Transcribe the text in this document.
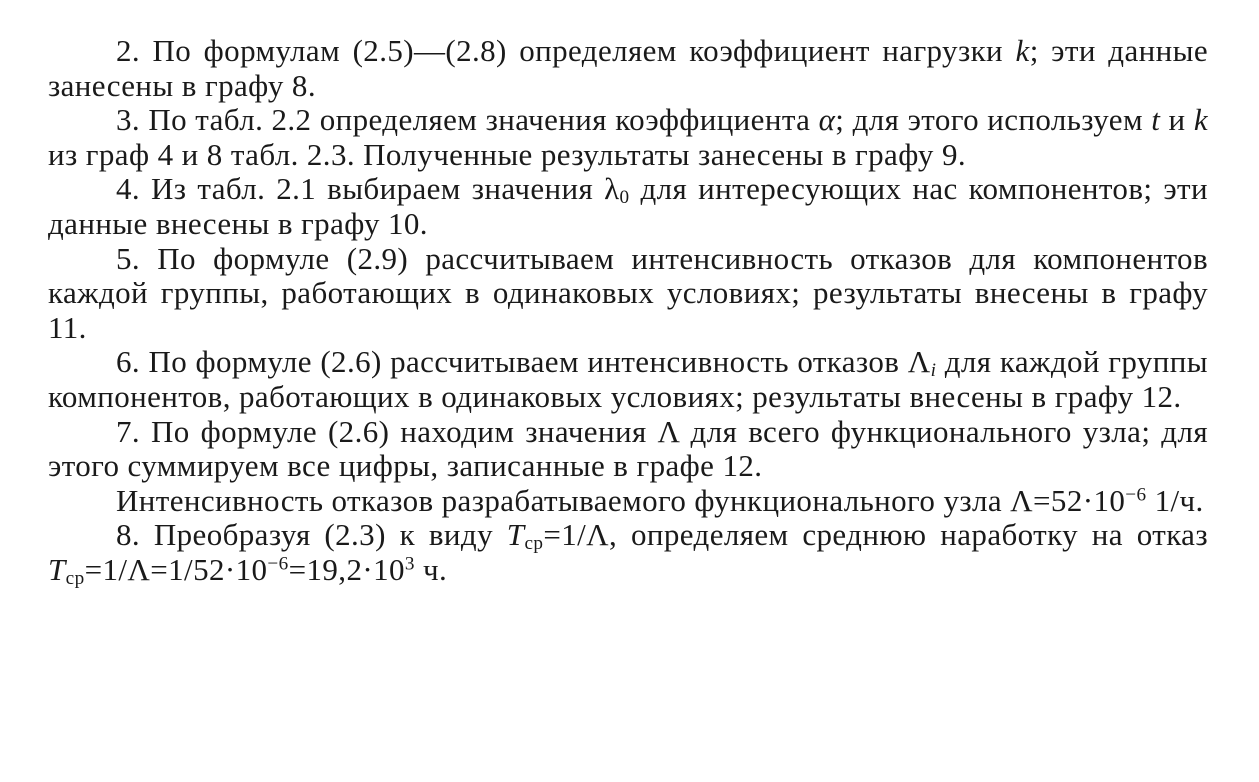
2. По формулам (2.5)—(2.8) определяем коэффициент нагрузки k; эти данные занесены в графу 8.

3. По табл. 2.2 определяем значения коэффициента α; для этого используем t и k из граф 4 и 8 табл. 2.3. Полученные результаты занесены в графу 9.

4. Из табл. 2.1 выбираем значения $\lambda_0$ для интересующих нас компонентов; эти данные внесены в графу 10.

5. По формуле (2.9) рассчитываем интенсивность отказов для компонентов каждой группы, работающих в одинаковых условиях; результаты внесены в графу 11.

6. По формуле (2.6) рассчитываем интенсивность отказов $\Lambda_i$ для каждой группы компонентов, работающих в одинаковых условиях; результаты внесены в графу 12.

7. По формуле (2.6) находим значения Λ для всего функционального узла; для этого суммируем все цифры, записанные в графе 12.

Интенсивность отказов разрабатываемого функционального узла $\Lambda=52\cdot 10^{-6}$ 1/ч.

8. Преобразуя (2.3) к виду $T_{ср}=1/\Lambda$, определяем среднюю наработку на отказ $T_{ср}=1/\Lambda=1/52\cdot 10^{-6}=19,2\cdot 10^3$ ч.
